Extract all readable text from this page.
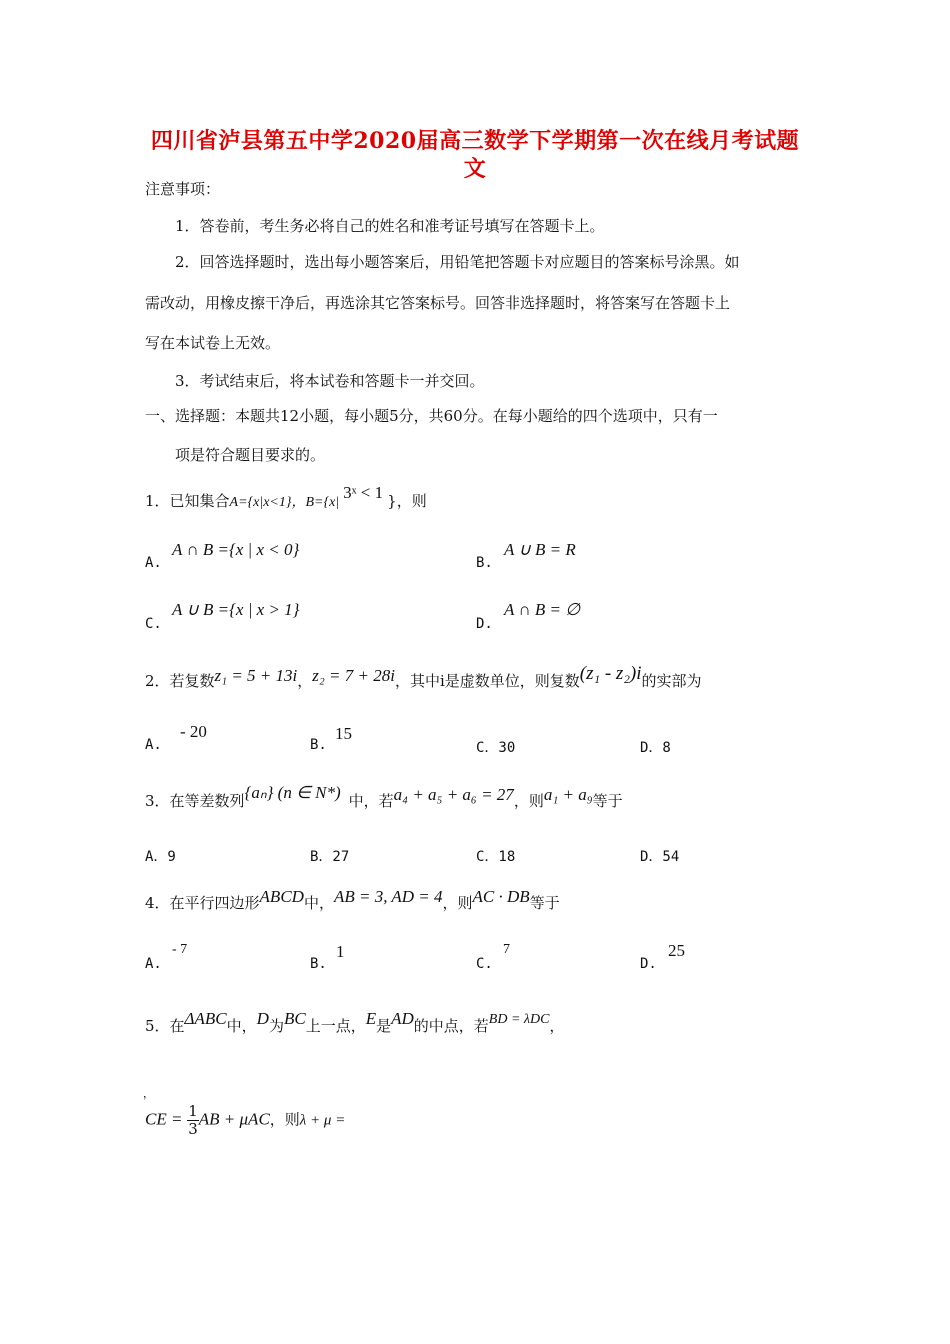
四川省泸县第五中学2020届高三数学下学期第一次在线月考试题
文
注意事项：
1．答卷前，考生务必将自己的姓名和准考证号填写在答题卡上。
2．回答选择题时，选出每小题答案后，用铅笔把答题卡对应题目的答案标号涂黑。如
需改动，用橡皮擦干净后，再选涂其它答案标号。回答非选择题时，将答案写在答题卡上
写在本试卷上无效。
3．考试结束后，将本试卷和答题卡一并交回。
一、选择题：本题共12小题，每小题5分，共60分。在每小题给的四个选项中，只有一
项是符合题目要求的。
1．已知集合A={x|x<1}，B={x|3ˣ < 1 }，则
A.
A ∩ B ={x | x < 0}
B.
A ∪ B = R
C.
A ∪ B ={x | x > 1}
D.
A ∩ B = ∅
2．若复数z₁ = 5 + 13i，z₂ = 7 + 28i，其中i是虚数单位，则复数(z₁ - z₂)i的实部为
A.
- 20
B.
15
C．30	D．8
3．在等差数列{aₙ} (n ∈ N*) 中，若a₄ + a₅ + a₆ = 27，则a₁ + a₉等于
A．9	B．27	C．18	D．54
4．在平行四边形ABCD中，AB = 3, AD = 4，则AC · DB等于
A.
- 7
B.
1
C.
7
D.
25
5．在ΔABC中，D为BC上一点，E是AD的中点，若BD = λDC，
，
CE = $\frac{1}{3}$ AB + μAC，则λ + μ =
